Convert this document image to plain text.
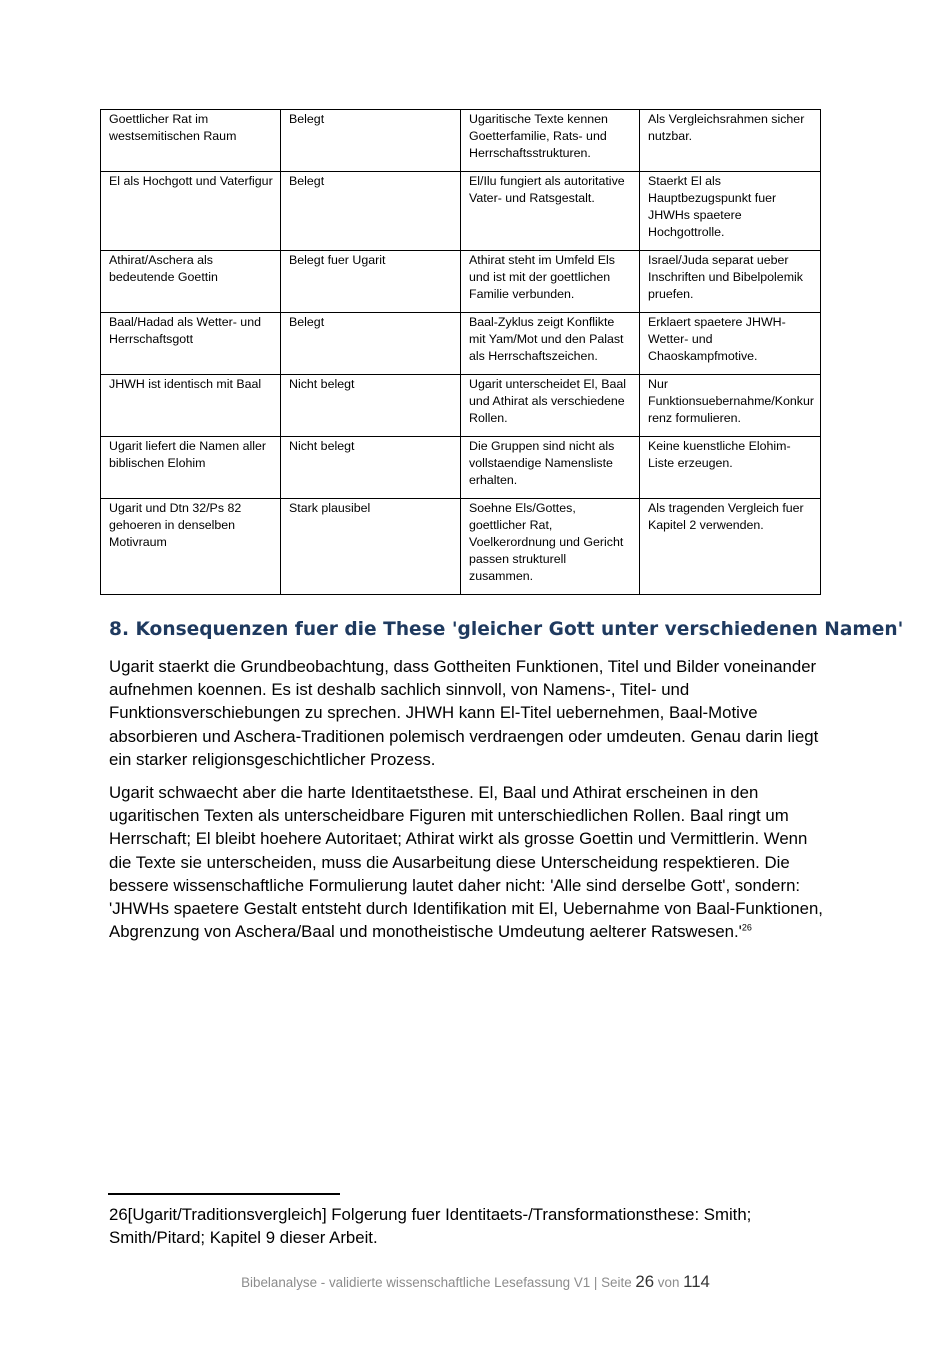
Goettlicher Rat im westsemitischen Raum	Belegt	Ugaritische Texte kennen Goetterfamilie, Rats- und Herrschaftsstrukturen.	Als Vergleichsrahmen sicher nutzbar.
El als Hochgott und Vaterfigur	Belegt	El/Ilu fungiert als autoritative Vater- und Ratsgestalt.	Staerkt El als Hauptbezugspunkt fuer JHWHs spaetere Hochgottrolle.
Athirat/Aschera als bedeutende Goettin	Belegt fuer Ugarit	Athirat steht im Umfeld Els und ist mit der goettlichen Familie verbunden.	Israel/Juda separat ueber Inschriften und Bibelpolemik pruefen.
Baal/Hadad als Wetter- und Herrschaftsgott	Belegt	Baal-Zyklus zeigt Konflikte mit Yam/Mot und den Palast als Herrschaftszeichen.	Erklaert spaetere JHWH-Wetter- und Chaoskampfmotive.
JHWH ist identisch mit Baal	Nicht belegt	Ugarit unterscheidet El, Baal und Athirat als verschiedene Rollen.	Nur Funktionsuebernahme/Konkurrenz formulieren.
Ugarit liefert die Namen aller biblischen Elohim	Nicht belegt	Die Gruppen sind nicht als vollstaendige Namensliste erhalten.	Keine kuenstliche Elohim-Liste erzeugen.
Ugarit und Dtn 32/Ps 82 gehoeren in denselben Motivraum	Stark plausibel	Soehne Els/Gottes, goettlicher Rat, Voelkerordnung und Gericht passen strukturell zusammen.	Als tragenden Vergleich fuer Kapitel 2 verwenden.
8. Konsequenzen fuer die These 'gleicher Gott unter verschiedenen Namen'

Ugarit staerkt die Grundbeobachtung, dass Gottheiten Funktionen, Titel und Bilder voneinander aufnehmen koennen. Es ist deshalb sachlich sinnvoll, von Namens-, Titel- und Funktionsverschiebungen zu sprechen. JHWH kann El-Titel uebernehmen, Baal-Motive absorbieren und Aschera-Traditionen polemisch verdraengen oder umdeuten. Genau darin liegt ein starker religionsgeschichtlicher Prozess.

Ugarit schwaecht aber die harte Identitaetsthese. El, Baal und Athirat erscheinen in den ugaritischen Texten als unterscheidbare Figuren mit unterschiedlichen Rollen. Baal ringt um Herrschaft; El bleibt hoehere Autoritaet; Athirat wirkt als grosse Goettin und Vermittlerin. Wenn die Texte sie unterscheiden, muss die Ausarbeitung diese Unterscheidung respektieren. Die bessere wissenschaftliche Formulierung lautet daher nicht: 'Alle sind derselbe Gott', sondern: 'JHWHs spaetere Gestalt entsteht durch Identifikation mit El, Uebernahme von Baal-Funktionen, Abgrenzung von Aschera/Baal und monotheistische Umdeutung aelterer $Ratswesen.'^{26}$

26[Ugarit/Traditionsvergleich] Folgerung fuer Identitaets-/Transformationsthese: Smith; Smith/Pitard; Kapitel 9 dieser Arbeit.

Bibelanalyse - validierte wissenschaftliche Lesefassung V1 | Seite 26 von 114
